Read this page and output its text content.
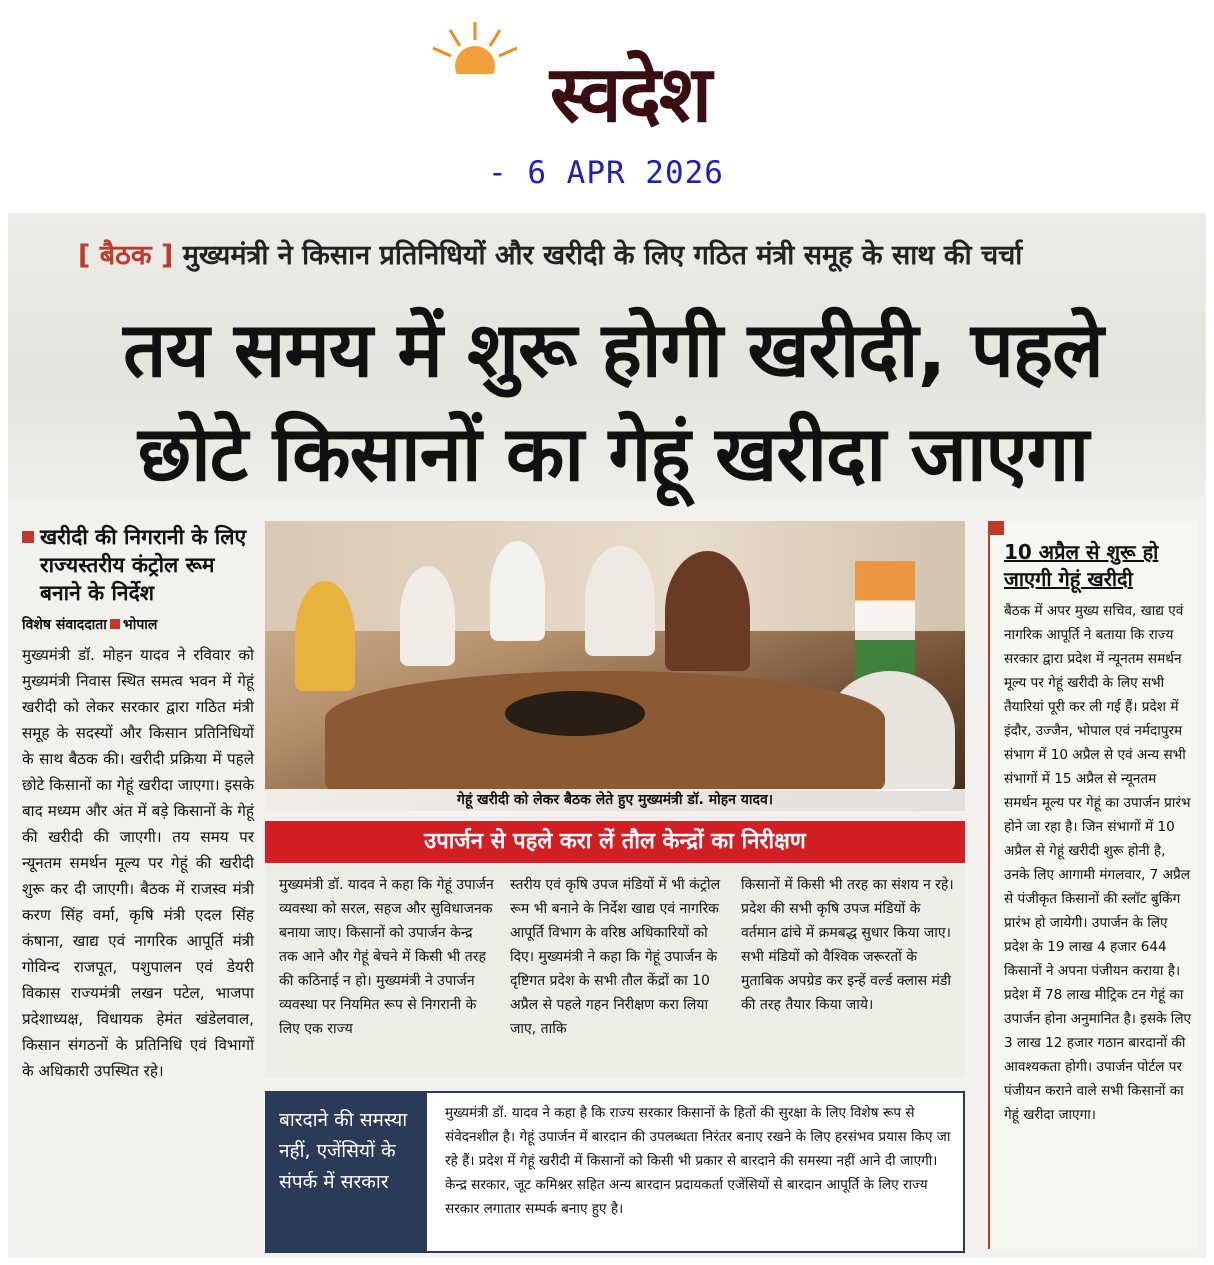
स्वदेश
- 6 APR 2026
[ बैठक ] मुख्यमंत्री ने किसान प्रतिनिधियों और खरीदी के लिए गठित मंत्री समूह के साथ की चर्चा
तय समय में शुरू होगी खरीदी, पहले
छोटे किसानों का गेहूं खरीदा जाएगा
खरीदी की निगरानी के लिए राज्यस्तरीय कंट्रोल रूम बनाने के निर्देश
विशेष संवाददाता भोपाल
मुख्यमंत्री डॉ. मोहन यादव ने रविवार को मुख्यमंत्री निवास स्थित समत्व भवन में गेहूं खरीदी को लेकर सरकार द्वारा गठित मंत्री समूह के सदस्यों और किसान प्रतिनिधियों के साथ बैठक की। खरीदी प्रक्रिया में पहले छोटे किसानों का गेहूं खरीदा जाएगा। इसके बाद मध्यम और अंत में बड़े किसानों के गेहूं की खरीदी की जाएगी। तय समय पर न्यूनतम समर्थन मूल्य पर गेहूं की खरीदी शुरू कर दी जाएगी। बैठक में राजस्व मंत्री करण सिंह वर्मा, कृषि मंत्री एदल सिंह कंषाना, खाद्य एवं नागरिक आपूर्ति मंत्री गोविन्द राजपूत, पशुपालन एवं डेयरी विकास राज्यमंत्री लखन पटेल, भाजपा प्रदेशाध्यक्ष, विधायक हेमंत खंडेलवाल, किसान संगठनों के प्रतिनिधि एवं विभागों के अधिकारी उपस्थित रहे।
गेहूं खरीदी को लेकर बैठक लेते हुए मुख्यमंत्री डॉ. मोहन यादव।
10 अप्रैल से शुरू हो जाएगी गेहूं खरीदी
बैठक में अपर मुख्य सचिव, खाद्य एवं नागरिक आपूर्ति ने बताया कि राज्य सरकार द्वारा प्रदेश में न्यूनतम समर्थन मूल्य पर गेहूं खरीदी के लिए सभी तैयारियां पूरी कर ली गई हैं। प्रदेश में इंदौर, उज्जैन, भोपाल एवं नर्मदापुरम संभाग में 10 अप्रैल से एवं अन्य सभी संभागों में 15 अप्रैल से न्यूनतम समर्थन मूल्य पर गेहूं का उपार्जन प्रारंभ होने जा रहा है। जिन संभागों में 10 अप्रैल से गेहूं खरीदी शुरू होनी है, उनके लिए आगामी मंगलवार, 7 अप्रैल से पंजीकृत किसानों की स्लॉट बुकिंग प्रारंभ हो जायेगी। उपार्जन के लिए प्रदेश के 19 लाख 4 हजार 644 किसानों ने अपना पंजीयन कराया है। प्रदेश में 78 लाख मीट्रिक टन गेहूं का उपार्जन होना अनुमानित है। इसके लिए 3 लाख 12 हजार गठान बारदानों की आवश्यकता होगी। उपार्जन पोर्टल पर पंजीयन कराने वाले सभी किसानों का गेहूं खरीदा जाएगा।
उपार्जन से पहले करा लें तौल केन्द्रों का निरीक्षण
मुख्यमंत्री डॉ. यादव ने कहा कि गेहूं उपार्जन व्यवस्था को सरल, सहज और सुविधाजनक बनाया जाए। किसानों को उपार्जन केन्द्र तक आने और गेहूं बेचने में किसी भी तरह की कठिनाई न हो। मुख्यमंत्री ने उपार्जन व्यवस्था पर नियमित रूप से निगरानी के लिए एक राज्य
स्तरीय एवं कृषि उपज मंडियों में भी कंट्रोल रूम भी बनाने के निर्देश खाद्य एवं नागरिक आपूर्ति विभाग के वरिष्ठ अधिकारियों को दिए। मुख्यमंत्री ने कहा कि गेहूं उपार्जन के दृष्टिगत प्रदेश के सभी तौल केंद्रों का 10 अप्रैल से पहले गहन निरीक्षण करा लिया जाए, ताकि
किसानों में किसी भी तरह का संशय न रहे। प्रदेश की सभी कृषि उपज मंडियों के वर्तमान ढांचे में क्रमबद्ध सुधार किया जाए। सभी मंडियों को वैश्विक जरूरतों के मुताबिक अपग्रेड कर इन्हें वर्ल्ड क्लास मंडी की तरह तैयार किया जाये।
बारदाने की समस्या नहीं, एजेंसियों के संपर्क में सरकार
मुख्यमंत्री डॉ. यादव ने कहा है कि राज्य सरकार किसानों के हितों की सुरक्षा के लिए विशेष रूप से संवेदनशील है। गेहूं उपार्जन में बारदान की उपलब्धता निरंतर बनाए रखने के लिए हरसंभव प्रयास किए जा रहे हैं। प्रदेश में गेहूं खरीदी में किसानों को किसी भी प्रकार से बारदाने की समस्या नहीं आने दी जाएगी। केन्द्र सरकार, जूट कमिश्नर सहित अन्य बारदान प्रदायकर्ता एजेंसियों से बारदान आपूर्ति के लिए राज्य सरकार लगातार सम्पर्क बनाए हुए है।
